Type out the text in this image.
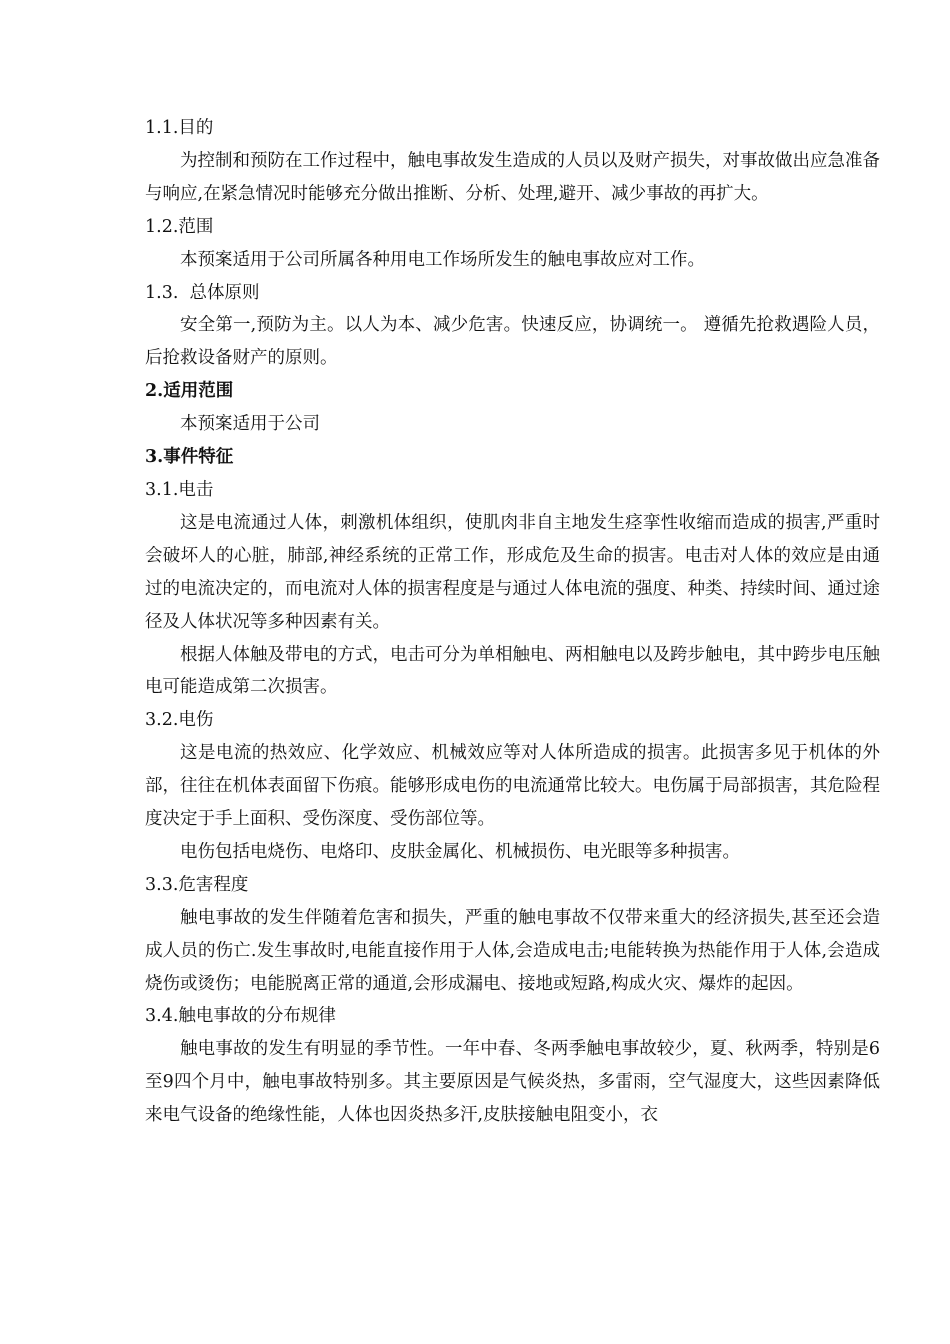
1.1.目的

为控制和预防在工作过程中，触电事故发生造成的人员以及财产损失，对事故做出应急准备与响应,在紧急情况时能够充分做出推断、分析、处理,避开、减少事故的再扩大。

1.2.范围

本预案适用于公司所属各种用电工作场所发生的触电事故应对工作。

1.3.  总体原则

安全第一,预防为主。以人为本、减少危害。快速反应，协调统一。 遵循先抢救遇险人员，后抢救设备财产的原则。

2.适用范围

本预案适用于公司

3.事件特征

3.1.电击

这是电流通过人体，刺激机体组织，使肌肉非自主地发生痉挛性收缩而造成的损害,严重时会破坏人的心脏，肺部,神经系统的正常工作，形成危及生命的损害。电击对人体的效应是由通过的电流决定的，而电流对人体的损害程度是与通过人体电流的强度、种类、持续时间、通过途径及人体状况等多种因素有关。

根据人体触及带电的方式，电击可分为单相触电、两相触电以及跨步触电，其中跨步电压触电可能造成第二次损害。

3.2.电伤

这是电流的热效应、化学效应、机械效应等对人体所造成的损害。此损害多见于机体的外部，往往在机体表面留下伤痕。能够形成电伤的电流通常比较大。电伤属于局部损害，其危险程度决定于手上面积、受伤深度、受伤部位等。

电伤包括电烧伤、电烙印、皮肤金属化、机械损伤、电光眼等多种损害。

3.3.危害程度

触电事故的发生伴随着危害和损失，严重的触电事故不仅带来重大的经济损失,甚至还会造成人员的伤亡.发生事故时,电能直接作用于人体,会造成电击;电能转换为热能作用于人体,会造成烧伤或烫伤；电能脱离正常的通道,会形成漏电、接地或短路,构成火灾、爆炸的起因。

3.4.触电事故的分布规律

触电事故的发生有明显的季节性。一年中春、冬两季触电事故较少，夏、秋两季，特别是6至9四个月中，触电事故特别多。其主要原因是气候炎热，多雷雨，空气湿度大，这些因素降低来电气设备的绝缘性能，人体也因炎热多汗,皮肤接触电阻变小，衣
